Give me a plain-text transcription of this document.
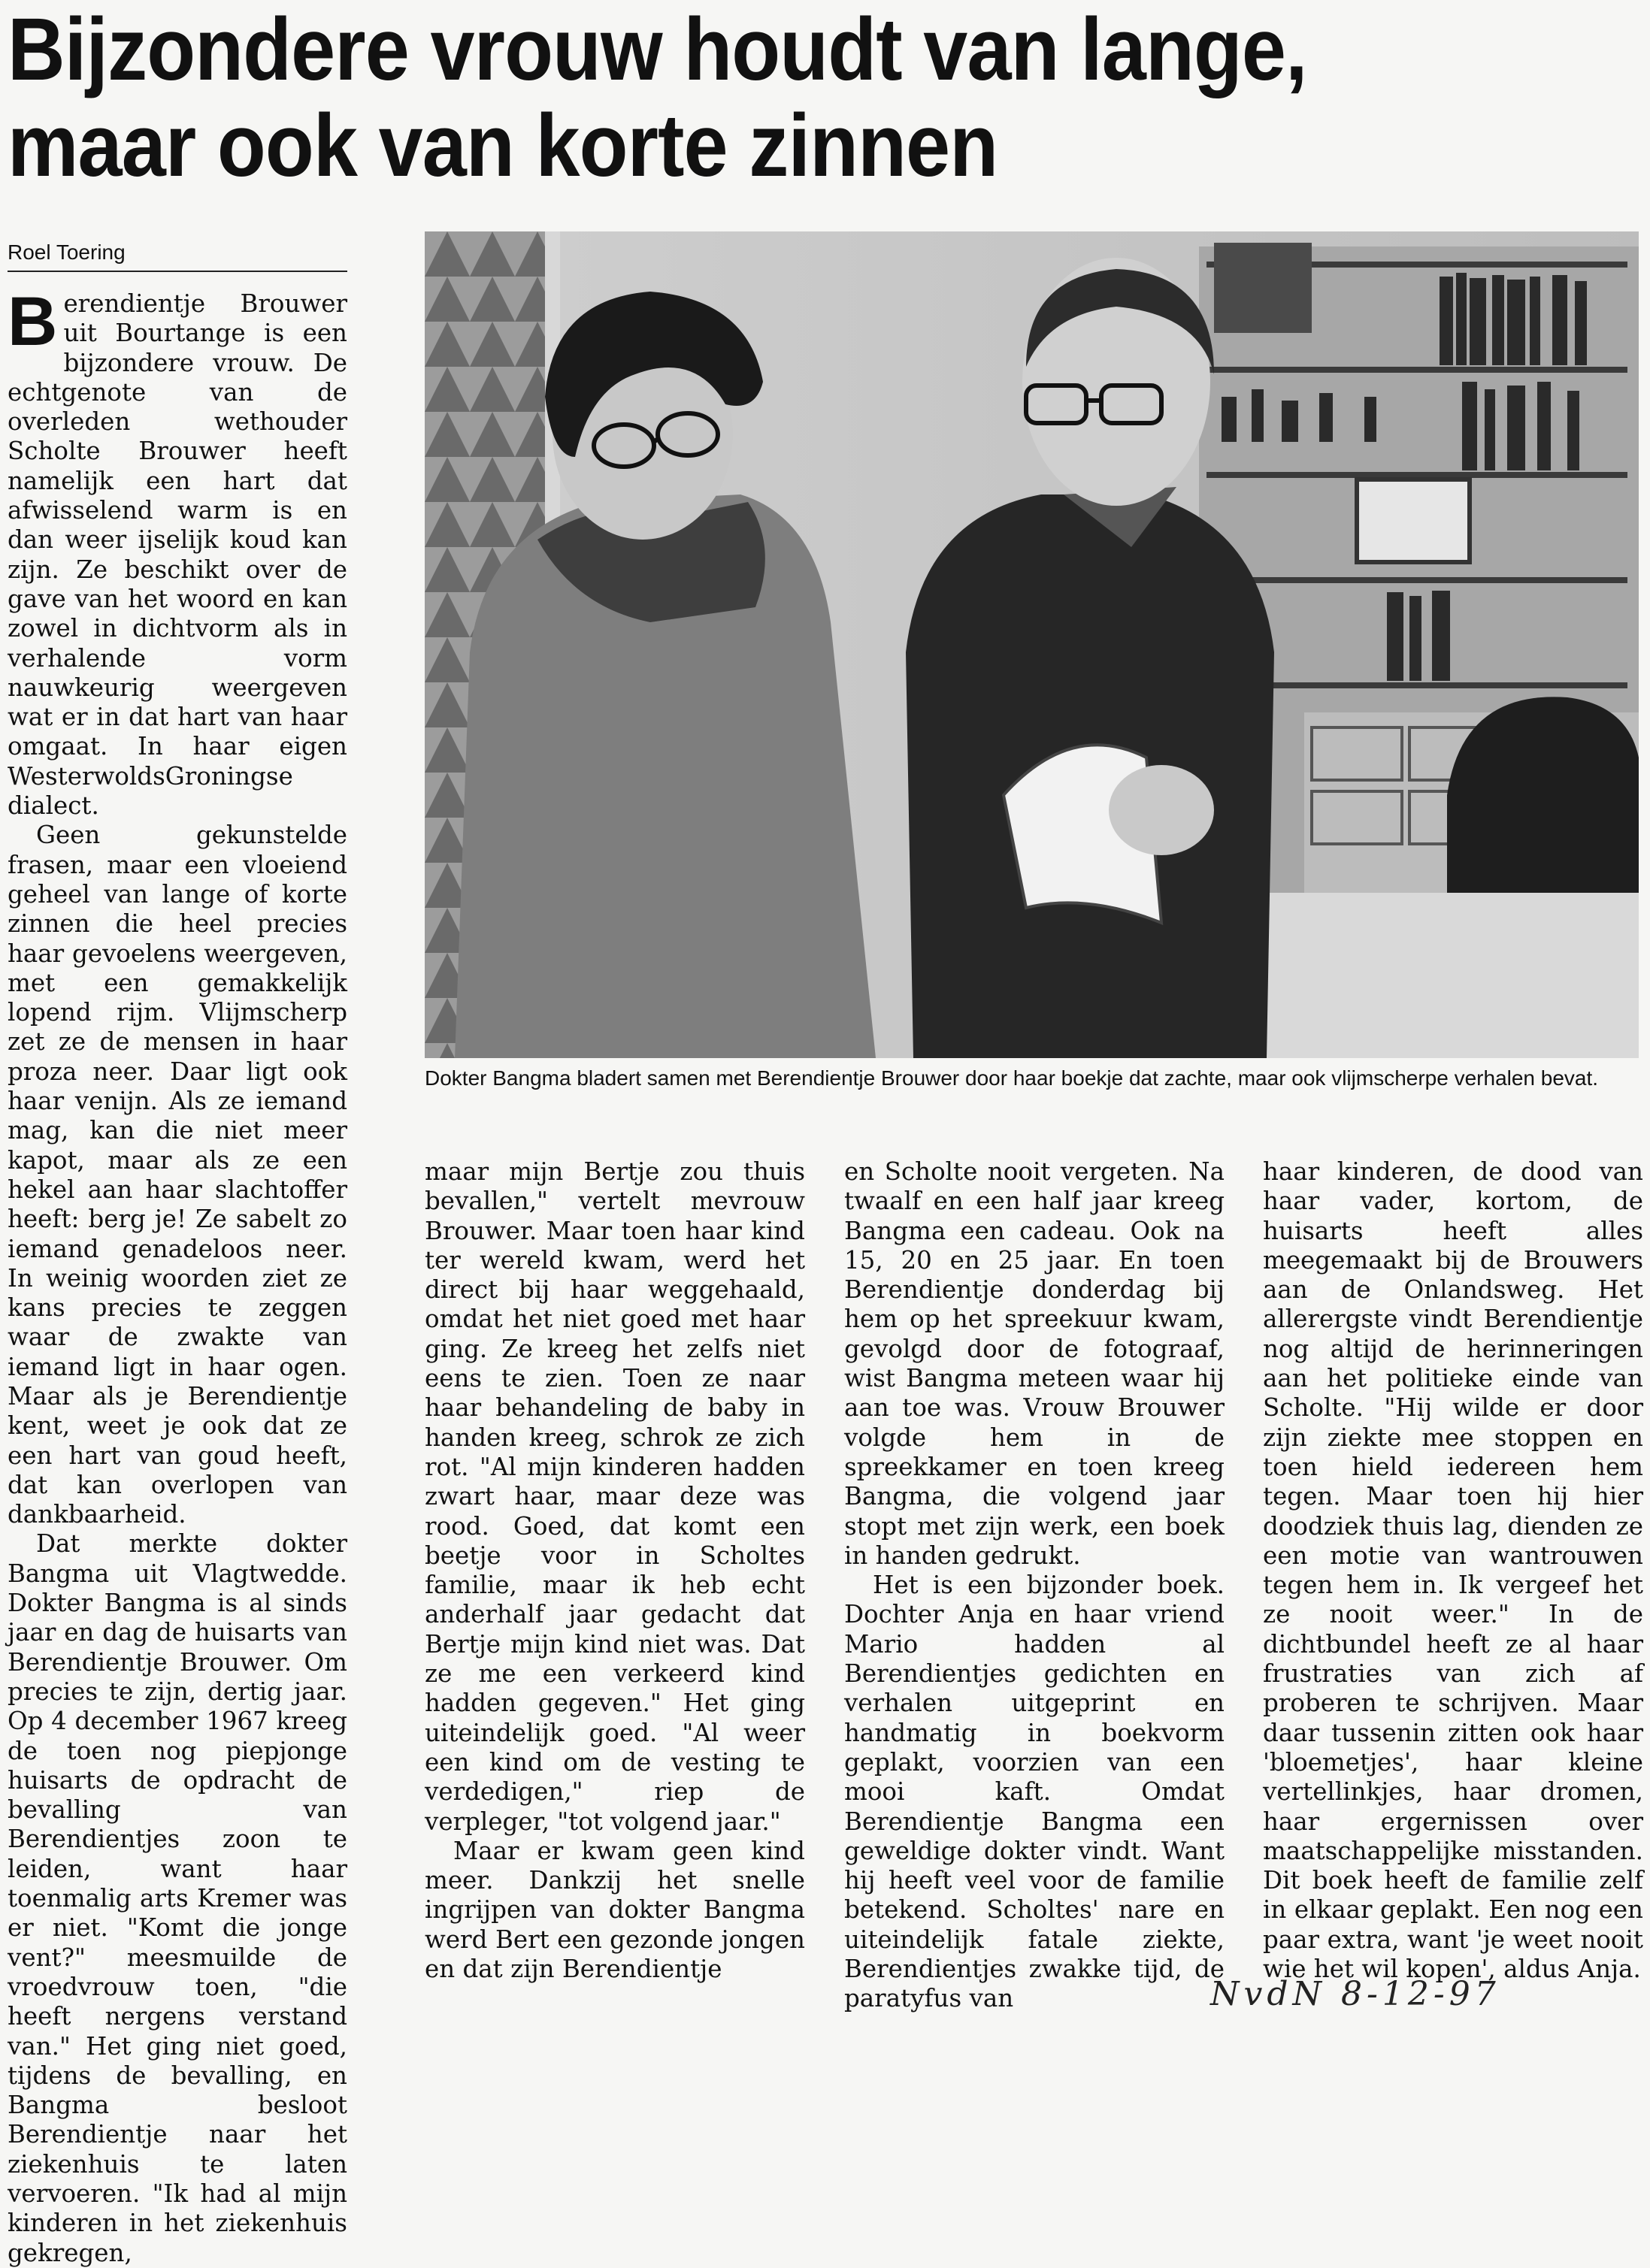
Bijzondere vrouw houdt van lange,
maar ook van korte zinnen
Roel Toering

Berendientje Brouwer uit Bourtange is een bijzondere vrouw. De echtgenote van de overleden wethouder Scholte Brouwer heeft namelijk een hart dat afwisselend warm is en dan weer ijselijk koud kan zijn. Ze beschikt over de gave van het woord en kan zowel in dichtvorm als in verhalende vorm nauwkeurig weergeven wat er in dat hart van haar omgaat. In haar eigen WesterwoldsGroningse dialect.

Geen gekunstelde frasen, maar een vloeiend geheel van lange of korte zinnen die heel precies haar gevoelens weergeven, met een gemakkelijk lopend rijm. Vlijmscherp zet ze de mensen in haar proza neer. Daar ligt ook haar venijn. Als ze iemand mag, kan die niet meer kapot, maar als ze een hekel aan haar slachtoffer heeft: berg je! Ze sabelt zo iemand genadeloos neer. In weinig woorden ziet ze kans precies te zeggen waar de zwakte van iemand ligt in haar ogen. Maar als je Berendientje kent, weet je ook dat ze een hart van goud heeft, dat kan overlopen van dankbaarheid.

Dat merkte dokter Bangma uit Vlagtwedde. Dokter Bangma is al sinds jaar en dag de huisarts van Berendientje Brouwer. Om precies te zijn, dertig jaar. Op 4 december 1967 kreeg de toen nog piepjonge huisarts de opdracht de bevalling van Berendientjes zoon te leiden, want haar toenmalig arts Kremer was er niet. "Komt die jonge vent?" meesmuilde de vroedvrouw toen, "die heeft nergens verstand van." Het ging niet goed, tijdens de bevalling, en Bangma besloot Berendientje naar het ziekenhuis te laten vervoeren. "Ik had al mijn kinderen in het ziekenhuis gekregen,

Dokter Bangma bladert samen met Berendientje Brouwer door haar boekje dat zachte, maar ook vlijmscherpe verhalen bevat.

maar mijn Bertje zou thuis bevallen," vertelt mevrouw Brouwer. Maar toen haar kind ter wereld kwam, werd het direct bij haar weggehaald, omdat het niet goed met haar ging. Ze kreeg het zelfs niet eens te zien. Toen ze naar haar behandeling de baby in handen kreeg, schrok ze zich rot. "Al mijn kinderen hadden zwart haar, maar deze was rood. Goed, dat komt een beetje voor in Scholtes familie, maar ik heb echt anderhalf jaar gedacht dat Bertje mijn kind niet was. Dat ze me een verkeerd kind hadden gegeven." Het ging uiteindelijk goed. "Al weer een kind om de vesting te verdedigen," riep de verpleger, "tot volgend jaar."

Maar er kwam geen kind meer. Dankzij het snelle ingrijpen van dokter Bangma werd Bert een gezonde jongen en dat zijn Berendientje

en Scholte nooit vergeten. Na twaalf en een half jaar kreeg Bangma een cadeau. Ook na 15, 20 en 25 jaar. En toen Berendientje donderdag bij hem op het spreekuur kwam, gevolgd door de fotograaf, wist Bangma meteen waar hij aan toe was. Vrouw Brouwer volgde hem in de spreekkamer en toen kreeg Bangma, die volgend jaar stopt met zijn werk, een boek in handen gedrukt.

Het is een bijzonder boek. Dochter Anja en haar vriend Mario hadden al Berendientjes gedichten en verhalen uitgeprint en handmatig in boekvorm geplakt, voorzien van een mooi kaft. Omdat Berendientje Bangma een geweldige dokter vindt. Want hij heeft veel voor de familie betekend. Scholtes' nare en uiteindelijk fatale ziekte, Berendientjes zwakke tijd, de paratyfus van

haar kinderen, de dood van haar vader, kortom, de huisarts heeft alles meegemaakt bij de Brouwers aan de Onlandsweg. Het allerergste vindt Berendientje nog altijd de herinneringen aan het politieke einde van Scholte. "Hij wilde er door zijn ziekte mee stoppen en toen hield iedereen hem tegen. Maar toen hij hier doodziek thuis lag, dienden ze een motie van wantrouwen tegen hem in. Ik vergeef het ze nooit weer." In de dichtbundel heeft ze al haar frustraties van zich af proberen te schrijven. Maar daar tussenin zitten ook haar 'bloemetjes', haar kleine vertellinkjes, haar dromen, haar ergernissen over maatschappelijke misstanden. Dit boek heeft de familie zelf in elkaar geplakt. Een nog een paar extra, want 'je weet nooit wie het wil kopen', aldus Anja.

NvdN 8-12-97
